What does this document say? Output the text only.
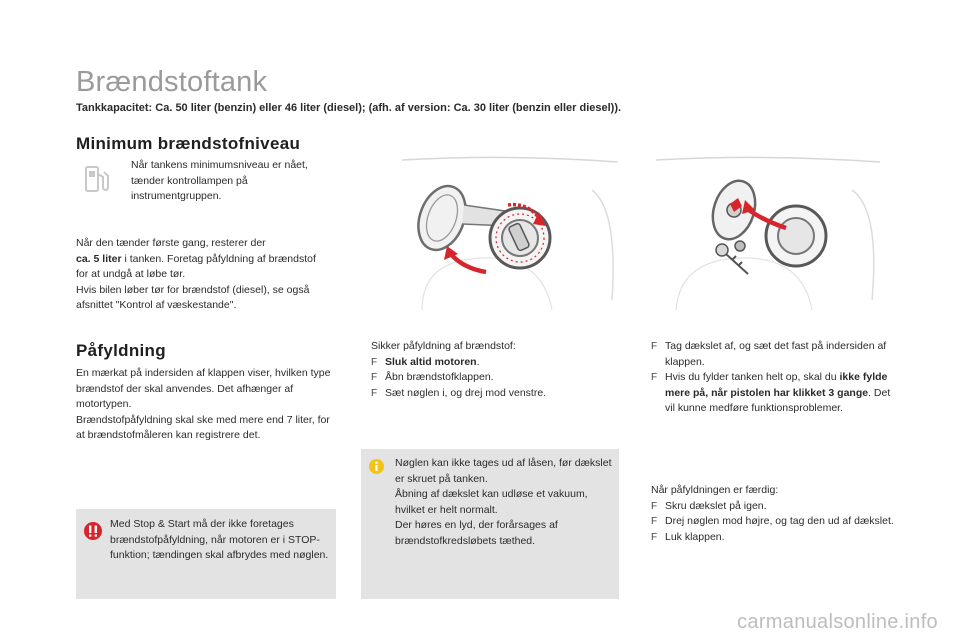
Brændstoftank
Tankkapacitet: Ca. 50 liter (benzin) eller 46 liter (diesel); (afh. af version: Ca. 30 liter (benzin eller diesel)).
Minimum brændstofniveau
Når tankens minimumsniveau er nået, tænder kontrollampen på instrumentgruppen.
Når den tænder første gang, resterer der
ca. 5 liter i tanken. Foretag påfyldning af brændstof for at undgå at løbe tør.
Hvis bilen løber tør for brændstof (diesel), se også afsnittet "Kontrol af væskestande".
Påfyldning
En mærkat på indersiden af klappen viser, hvilken type brændstof der skal anvendes. Det afhænger af motortypen.
Brændstofpåfyldning skal ske med mere end 7 liter, for at brændstofmåleren kan registrere det.
Med Stop & Start må der ikke foretages brændstofpåfyldning, når motoren er i STOP-funktion; tændingen skal afbrydes med nøglen.
Sikker påfyldning af brændstof:
F Sluk altid motoren.
F Åbn brændstofklappen.
F Sæt nøglen i, og drej mod venstre.
Nøglen kan ikke tages ud af låsen, før dækslet er skruet på tanken.
Åbning af dækslet kan udløse et vakuum, hvilket er helt normalt.
Der høres en lyd, der forårsages af brændstofkredsløbets tæthed.
F Tag dækslet af, og sæt det fast på indersiden af klappen.
F Hvis du fylder tanken helt op, skal du ikke fylde mere på, når pistolen har klikket 3 gange. Det vil kunne medføre funktionsproblemer.
Når påfyldningen er færdig:
F Skru dækslet på igen.
F Drej nøglen mod højre, og tag den ud af dækslet.
F Luk klappen.
carmanualsonline.info
